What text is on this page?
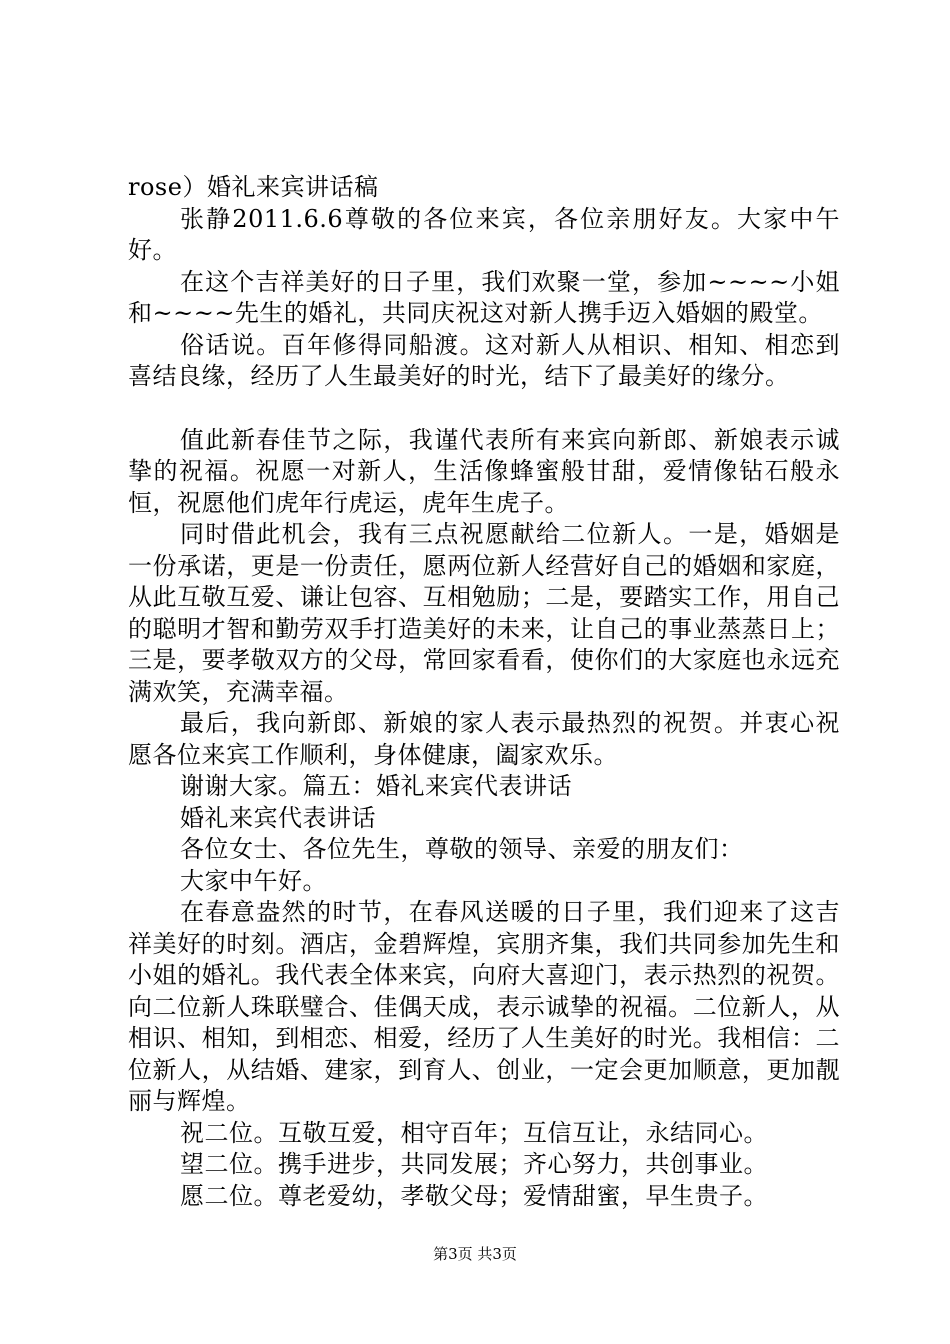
rose）婚礼来宾讲话稿

张静2011.6.6尊敬的各位来宾，各位亲朋好友。大家中午好。

在这个吉祥美好的日子里，我们欢聚一堂，参加~~~~小姐和~~~~先生的婚礼，共同庆祝这对新人携手迈入婚姻的殿堂。

俗话说。百年修得同船渡。这对新人从相识、相知、相恋到喜结良缘，经历了人生最美好的时光，结下了最美好的缘分。

值此新春佳节之际，我谨代表所有来宾向新郎、新娘表示诚挚的祝福。祝愿一对新人，生活像蜂蜜般甘甜，爱情像钻石般永恒，祝愿他们虎年行虎运，虎年生虎子。

同时借此机会，我有三点祝愿献给二位新人。一是，婚姻是一份承诺，更是一份责任，愿两位新人经营好自己的婚姻和家庭，从此互敬互爱、谦让包容、互相勉励；二是，要踏实工作，用自己的聪明才智和勤劳双手打造美好的未来，让自己的事业蒸蒸日上；三是，要孝敬双方的父母，常回家看看，使你们的大家庭也永远充满欢笑，充满幸福。

最后，我向新郎、新娘的家人表示最热烈的祝贺。并衷心祝愿各位来宾工作顺利，身体健康，阖家欢乐。

谢谢大家。篇五：婚礼来宾代表讲话

婚礼来宾代表讲话

各位女士、各位先生，尊敬的领导、亲爱的朋友们：

大家中午好。

在春意盎然的时节，在春风送暖的日子里，我们迎来了这吉祥美好的时刻。酒店，金碧辉煌，宾朋齐集，我们共同参加先生和小姐的婚礼。我代表全体来宾，向府大喜迎门，表示热烈的祝贺。向二位新人珠联璧合、佳偶天成，表示诚挚的祝福。二位新人，从相识、相知，到相恋、相爱，经历了人生美好的时光。我相信：二位新人，从结婚、建家，到育人、创业，一定会更加顺意，更加靓丽与辉煌。

祝二位。互敬互爱，相守百年；互信互让，永结同心。

望二位。携手进步，共同发展；齐心努力，共创事业。

愿二位。尊老爱幼，孝敬父母；爱情甜蜜，早生贵子。

第3页 共3页
